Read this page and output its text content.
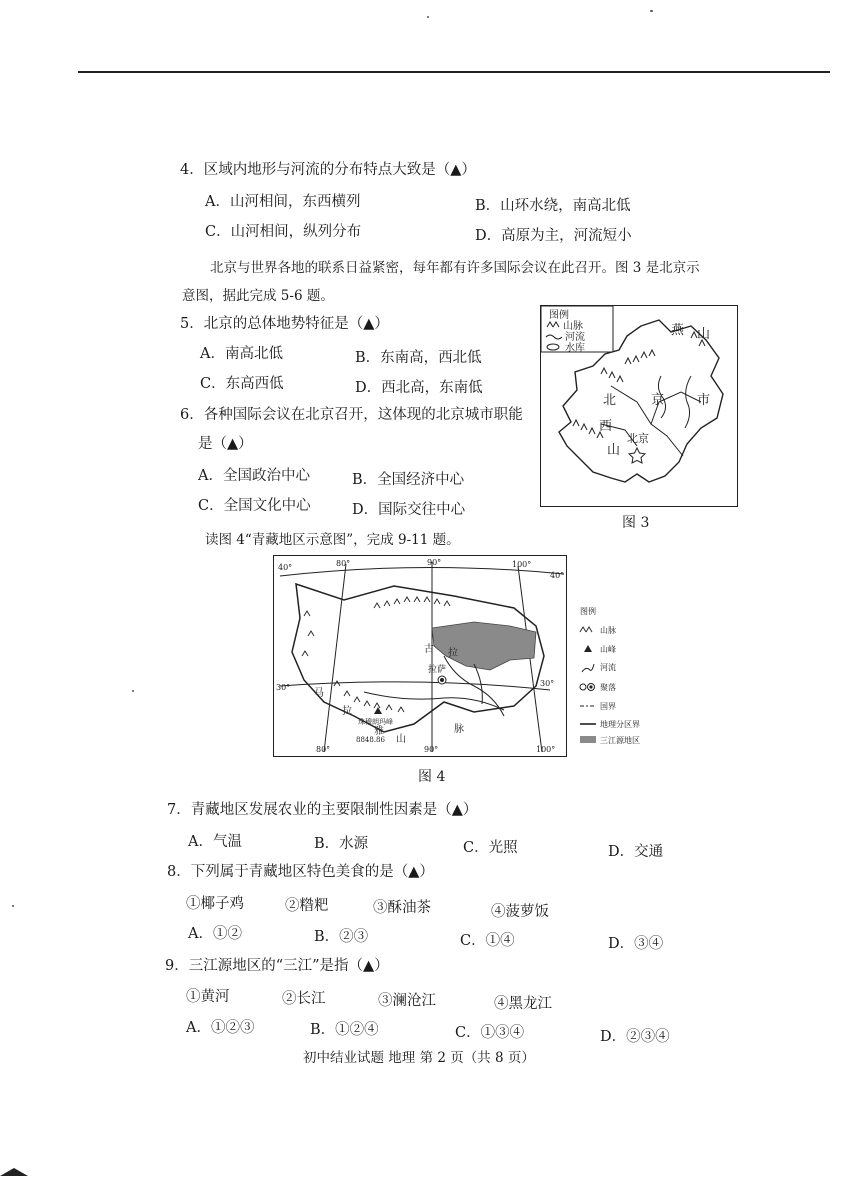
4．区域内地形与河流的分布特点大致是（▲）
A．山河相间，东西横列	B．山环水绕，南高北低
C．山河相间，纵列分布	D．高原为主，河流短小
北京与世界各地的联系日益紧密，每年都有许多国际会议在此召开。图 3 是北京示
意图，据此完成 5-6 题。
5．北京的总体地势特征是（▲）
A．南高北低	B．东南高，西北低
C．东高西低	D．西北高，东南低
6．各种国际会议在北京召开，这体现的北京城市职能
是（▲）
A．全国政治中心	B．全国经济中心
C．全国文化中心	D．国际交往中心
图例
山脉
河流
水库
燕 山
北	京	市
西
山
北京
图 3
读图 4“青藏地区示意图”，完成 9-11 题。
80°	90°	100°
80°	90°	100°
40°
40°
30°	30°
拉萨
珠穆朗玛峰
8848.86
马
拉
雅
山
脉
古 拉
图例
山脉
山峰
河流
聚落
国界
地理分区界
三江源地区
图 4
7．青藏地区发展农业的主要限制性因素是（▲）
A．气温	B．水源	C．光照	D．交通
8．下列属于青藏地区特色美食的是（▲）
①椰子鸡	②糌粑	③酥油茶	④菠萝饭
A．①②	B．②③	C．①④	D．③④
9．三江源地区的“三江”是指（▲）
①黄河	②长江	③澜沧江	④黑龙江
A．①②③	B．①②④	C．①③④	D．②③④
初中结业试题 地理 第 2 页（共 8 页）
